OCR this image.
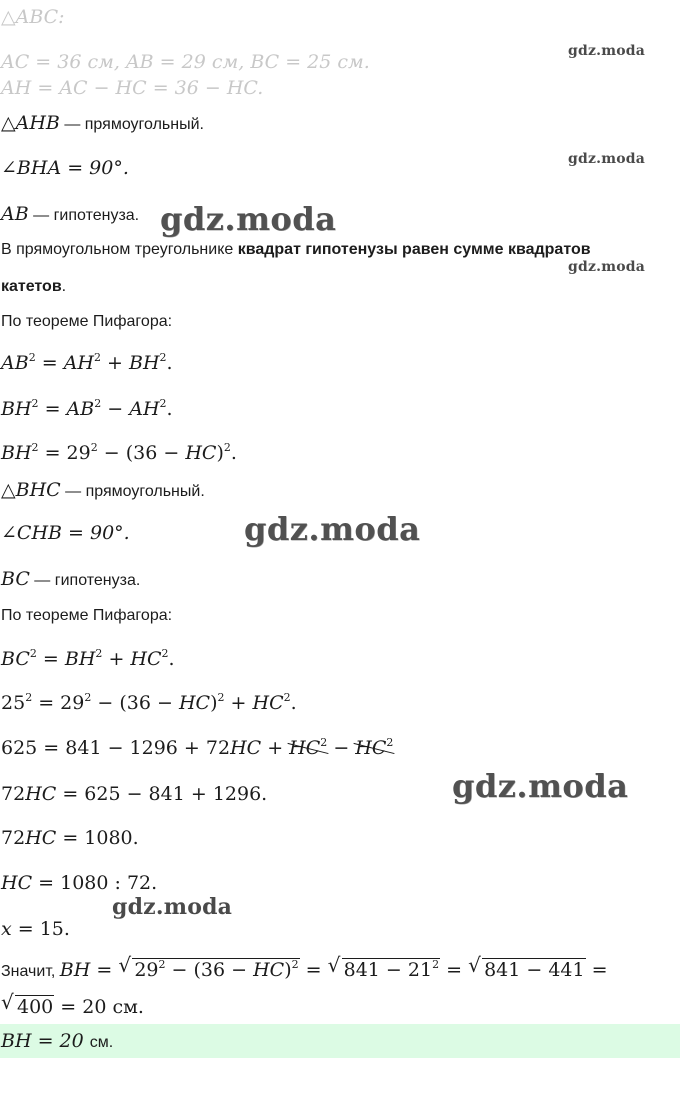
△ABC:
AC = 36 см, AB = 29 см, BC = 25 см.
AH = AC − HC = 36 − HC.
△AHB — прямоугольный.
∠BHA = 90°.
AB — гипотенуза.
В прямоугольном треугольнике квадрат гипотенузы равен сумме квадратов
катетов.
По теореме Пифагора:
$AB^2 = AH^2 + BH^2$.
$BH^2 = AB^2 - AH^2$.
$BH^2 = 29^2 - (36 - HC)^2$.
△BHC — прямоугольный.
∠CHB = 90°.
BC — гипотенуза.
По теореме Пифагора:
$BC^2 = BH^2 + HC^2$.
$25^2 = 29^2 - (36 - HC)^2 + HC^2$.
$625 = 841 - 1296 + 72HC + HC^2 - HC^2$
72HC = 625 − 841 + 1296.
72HC = 1080.
HC = 1080 : 72.
x = 15.
Значит, BH = √ $29^2 - (36 - HC)^2$ = √ $841 - 21^2$ = √ 841 − 441 =
√ 400 = 20 см.
BH = 20 см.
gdz.moda
gdz.moda
gdz.moda
gdz.moda
gdz.moda
gdz.moda
gdz.moda
